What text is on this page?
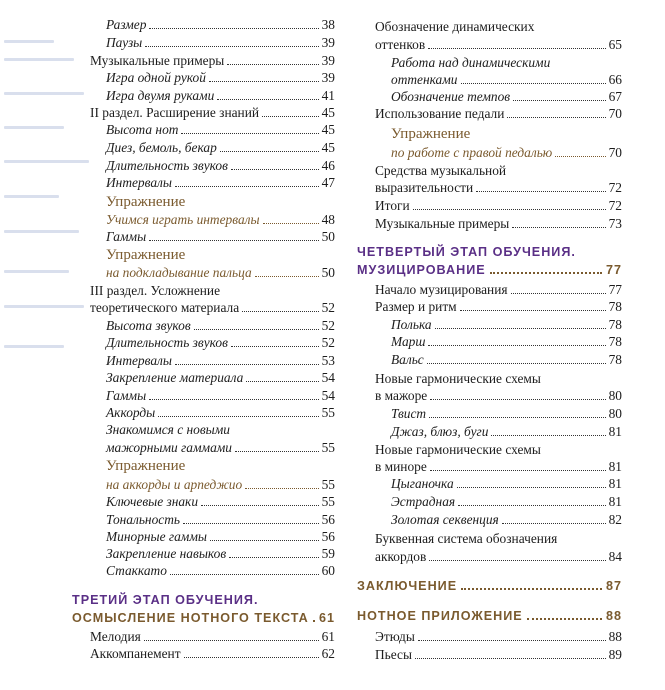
Размер	38
Паузы	39
Музыкальные примеры	39
Игра одной рукой	39
Игра двумя руками	41
II раздел. Расширение знаний	45
Высота нот	45
Диез, бемоль, бекар	45
Длительность звуков	46
Интервалы	47
Упражнение
Учимся играть интервалы	48
Гаммы	50
Упражнение
на подкладывание пальца	50
III раздел. Усложнение
теоретического материала	52
Высота звуков	52
Длительность звуков	52
Интервалы	53
Закрепление материала	54
Гаммы	54
Аккорды	55
Знакомимся с новыми
мажорными гаммами	55
Упражнение
на аккорды и арпеджио	55
Ключевые знаки	55
Тональность	56
Минорные гаммы	56
Закрепление навыков	59
Стаккато	60
ТРЕТИЙ ЭТАП ОБУЧЕНИЯ.
ОСМЫСЛЕНИЕ НОТНОГО ТЕКСТА 61
Мелодия	61
Аккомпанемент	62
Обозначение динамических
оттенков	65
Работа над динамическими
оттенками	66
Обозначение темпов	67
Использование педали	70
Упражнение
по работе с правой педалью	70
Средства музыкальной
выразительности	72
Итоги	72
Музыкальные примеры	73
ЧЕТВЕРТЫЙ ЭТАП ОБУЧЕНИЯ.
МУЗИЦИРОВАНИЕ	77
Начало музицирования	77
Размер и ритм	78
Полька	78
Марш	78
Вальс	78
Новые гармонические схемы
в мажоре	80
Твист	80
Джаз, блюз, буги	81
Новые гармонические схемы
в миноре	81
Цыганочка	81
Эстрадная	81
Золотая секвенция	82
Буквенная система обозначения
аккордов	84
ЗАКЛЮЧЕНИЕ	87
НОТНОЕ ПРИЛОЖЕНИЕ	88
Этюды	88
Пьесы	89
